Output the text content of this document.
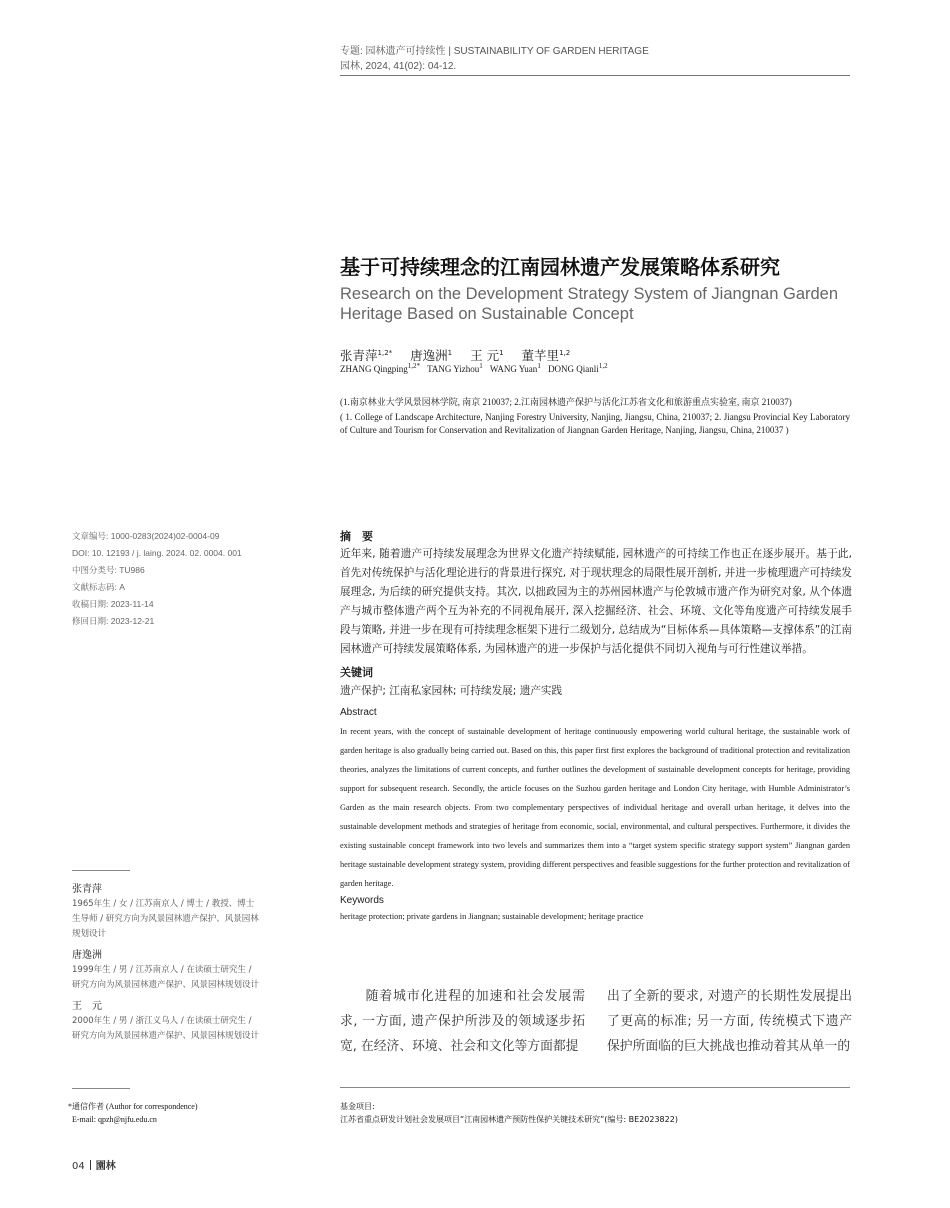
专题: 园林遗产可持续性 | SUSTAINABILITY OF GARDEN HERITAGE
园林, 2024, 41(02): 04-12.
基于可持续理念的江南园林遗产发展策略体系研究
Research on the Development Strategy System of Jiangnan Garden Heritage Based on Sustainable Concept
张青萍$^{1,2*}$ 唐逸洲$^1$ 王 元$^1$ 董芊里$^{1,2}$
ZHANG Qingping$^{1,2*}$ TANG Yizhou$^1$ WANG Yuan$^1$ DONG Qianli$^{1,2}$
(1.南京林业大学风景园林学院, 南京 210037; 2.江南园林遗产保护与活化江苏省文化和旅游重点实验室, 南京 210037)
( 1. College of Landscape Architecture, Nanjing Forestry University, Nanjing, Jiangsu, China, 210037; 2. Jiangsu Provincial Key Laboratory of Culture and Tourism for Conservation and Revitalization of Jiangnan Garden Heritage, Nanjing, Jiangsu, China, 210037 )
文章编号: 1000-0283(2024)02-0004-09
DOI: 10. 12193 / j. laing. 2024. 02. 0004. 001
中图分类号: TU986
文献标志码: A
收稿日期: 2023-11-14
修回日期: 2023-12-21
张青萍
1965年生 / 女 / 江苏南京人 / 博士 / 教授、博士生导师 / 研究方向为风景园林遗产保护、风景园林规划设计
唐逸洲
1999年生 / 男 / 江苏南京人 / 在读硕士研究生 / 研究方向为风景园林遗产保护、风景园林规划设计
王　元
2000年生 / 男 / 浙江义乌人 / 在读硕士研究生 / 研究方向为风景园林遗产保护、风景园林规划设计
*通信作者 (Author for correspondence)
E-mail: qpzh@njfu.edu.cn
摘　要
近年来, 随着遗产可持续发展理念为世界文化遗产持续赋能, 园林遗产的可持续工作也正在逐步展开。基于此, 首先对传统保护与活化理论进行的背景进行探究, 对于现状理念的局限性展开剖析, 并进一步梳理遗产可持续发展理念, 为后续的研究提供支持。其次, 以拙政园为主的苏州园林遗产与伦敦城市遗产作为研究对象, 从个体遗产与城市整体遗产两个互为补充的不同视角展开, 深入挖掘经济、社会、环境、文化等角度遗产可持续发展手段与策略, 并进一步在现有可持续理念框架下进行二级划分, 总结成为“目标体系—具体策略—支撑体系”的江南园林遗产可持续发展策略体系, 为园林遗产的进一步保护与活化提供不同切入视角与可行性建议举措。
关键词
遗产保护; 江南私家园林; 可持续发展; 遗产实践
Abstract
In recent years, with the concept of sustainable development of heritage continuously empowering world cultural heritage, the sustainable work of garden heritage is also gradually being carried out. Based on this, this paper first first explores the background of traditional protection and revitalization theories, analyzes the limitations of current concepts, and further outlines the development of sustainable development concepts for heritage, providing support for subsequent research. Secondly, the article focuses on the Suzhou garden heritage and London City heritage, with Humble Administrator’s Garden as the main research objects. From two complementary perspectives of individual heritage and overall urban heritage, it delves into the sustainable development methods and strategies of heritage from economic, social, environmental, and cultural perspectives. Furthermore, it divides the existing sustainable concept framework into two levels and summarizes them into a “target system specific strategy support system” Jiangnan garden heritage sustainable development strategy system, providing different perspectives and feasible suggestions for the further protection and revitalization of garden heritage.
Keywords
heritage protection; private gardens in Jiangnan; sustainable development; heritage practice
随着城市化进程的加速和社会发展需求, 一方面, 遗产保护所涉及的领域逐步拓宽, 在经济、环境、社会和文化等方面都提
出了全新的要求, 对遗产的长期性发展提出了更高的标准; 另一方面, 传统模式下遗产保护所面临的巨大挑战也推动着其从单一的
基金项目:
江苏省重点研发计划社会发展项目“江南园林遗产预防性保护关键技术研究”(编号: BE2023822)
04 園林
